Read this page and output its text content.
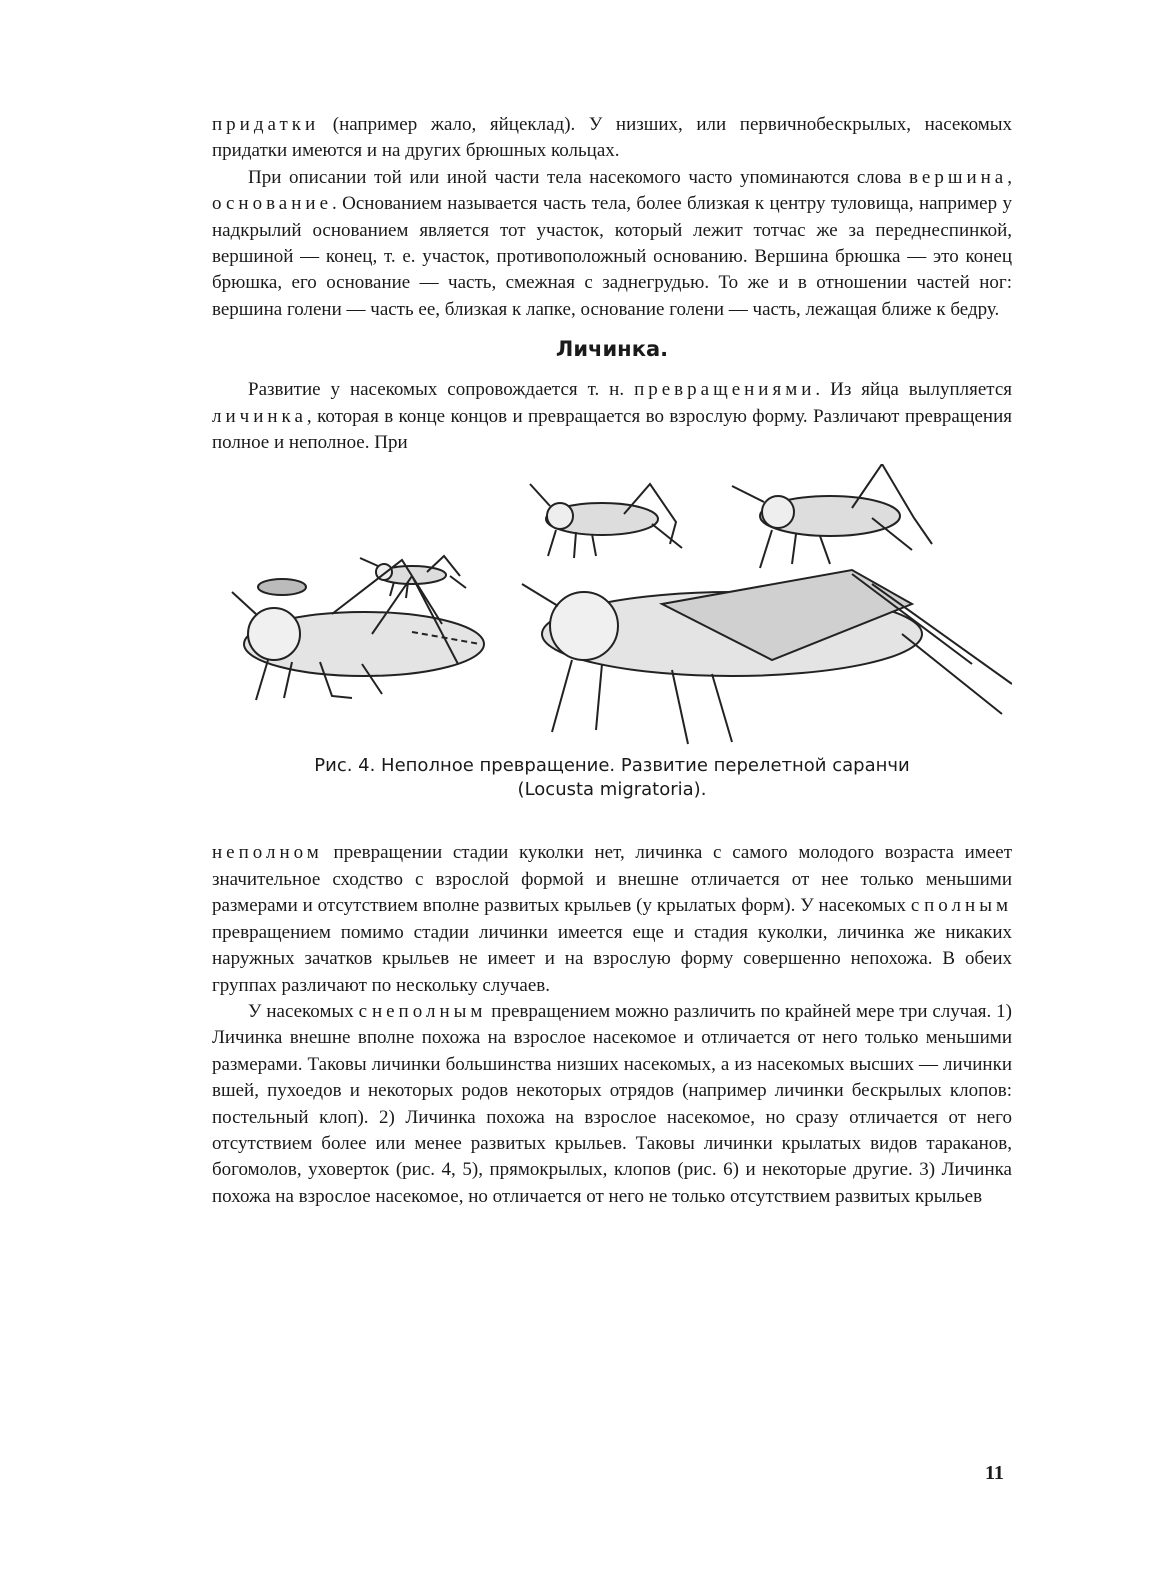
придатки (например жало, яйцеклад). У низших, или первичнобескрылых, насекомых придатки имеются и на других брюшных кольцах.

При описании той или иной части тела насекомого часто упоминаются слова вершина, основание. Основанием называется часть тела, более близкая к центру туловища, например у надкрылий основанием является тот участок, который лежит тотчас же за переднеспинкой, вершиной — конец, т. е. участок, противоположный основанию. Вершина брюшка — это конец брюшка, его основание — часть, смежная с заднегрудью. То же и в отношении частей ног: вершина голени — часть ее, близкая к лапке, основание голени — часть, лежащая ближе к бедру.

Личинка.

Развитие у насекомых сопровождается т. н. превращениями. Из яйца вылупляется личинка, которая в конце концов и превращается во взрослую форму. Различают превращения полное и неполное. При

Рис. 4. Неполное превращение. Развитие перелетной саранчи
(Locusta migratoria).

неполном превращении стадии куколки нет, личинка с самого молодого возраста имеет значительное сходство с взрослой формой и внешне отличается от нее только меньшими размерами и отсутствием вполне развитых крыльев (у крылатых форм). У насекомых с полным превращением помимо стадии личинки имеется еще и стадия куколки, личинка же никаких наружных зачатков крыльев не имеет и на взрослую форму совершенно непохожа. В обеих группах различают по нескольку случаев.

У насекомых с неполным превращением можно различить по крайней мере три случая. 1) Личинка внешне вполне похожа на взрослое насекомое и отличается от него только меньшими размерами. Таковы личинки большинства низших насекомых, а из насекомых высших — личинки вшей, пухоедов и некоторых родов некоторых отрядов (например личинки бескрылых клопов: постельный клоп). 2) Личинка похожа на взрослое насекомое, но сразу отличается от него отсутствием более или менее развитых крыльев. Таковы личинки крылатых видов тараканов, богомолов, уховерток (рис. 4, 5), прямокрылых, клопов (рис. 6) и некоторые другие. 3) Личинка похожа на взрослое насекомое, но отличается от него не только отсутствием развитых крыльев

11
